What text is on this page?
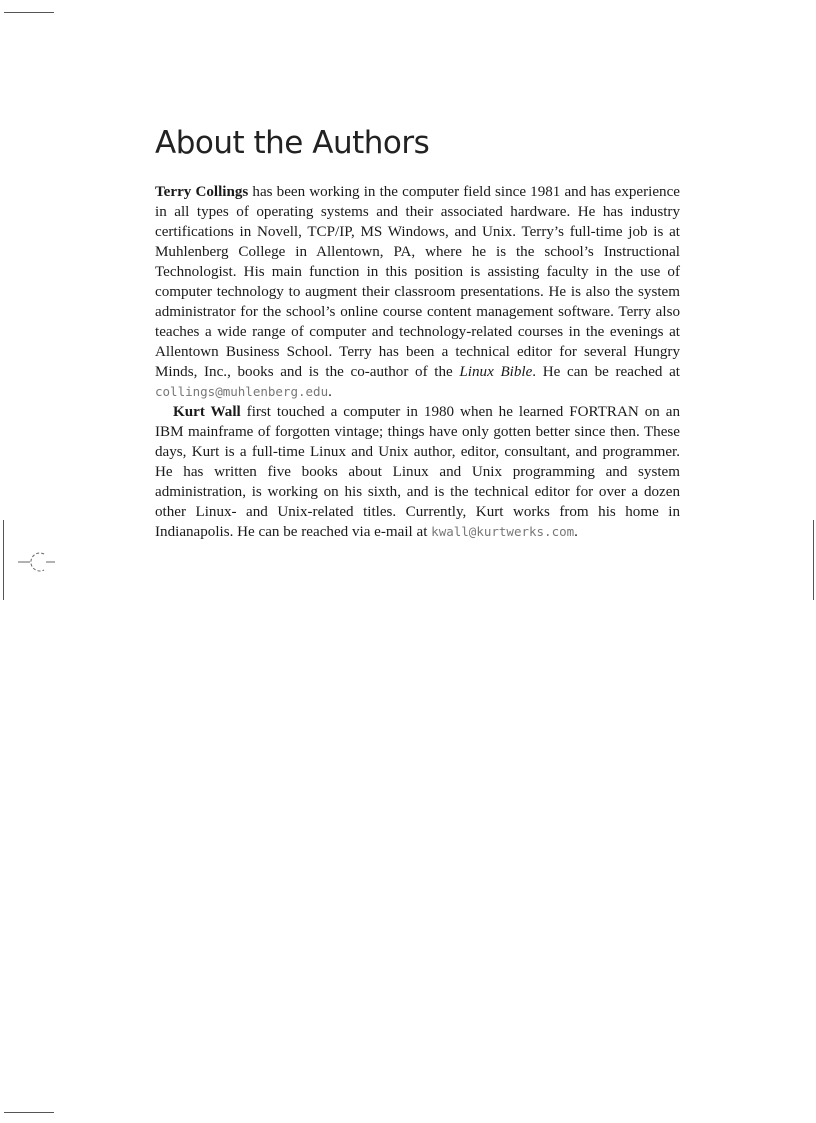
About the Authors

Terry Collings has been working in the computer field since 1981 and has experience in all types of operating systems and their associated hardware. He has industry certifications in Novell, TCP/IP, MS Windows, and Unix. Terry’s full-time job is at Muhlenberg College in Allentown, PA, where he is the school’s Instructional Technologist. His main function in this position is assisting faculty in the use of computer technology to augment their classroom presentations. He is also the system administrator for the school’s online course content management software. Terry also teaches a wide range of computer and technology-related courses in the evenings at Allentown Business School. Terry has been a technical editor for several Hungry Minds, Inc., books and is the co-author of the Linux Bible. He can be reached at collings@muhlenberg.edu.

Kurt Wall first touched a computer in 1980 when he learned FORTRAN on an IBM mainframe of forgotten vintage; things have only gotten better since then. These days, Kurt is a full-time Linux and Unix author, editor, consultant, and programmer. He has written five books about Linux and Unix programming and system administration, is working on his sixth, and is the technical editor for over a dozen other Linux- and Unix-related titles. Currently, Kurt works from his home in Indianapolis. He can be reached via e-mail at kwall@kurtwerks.com.
